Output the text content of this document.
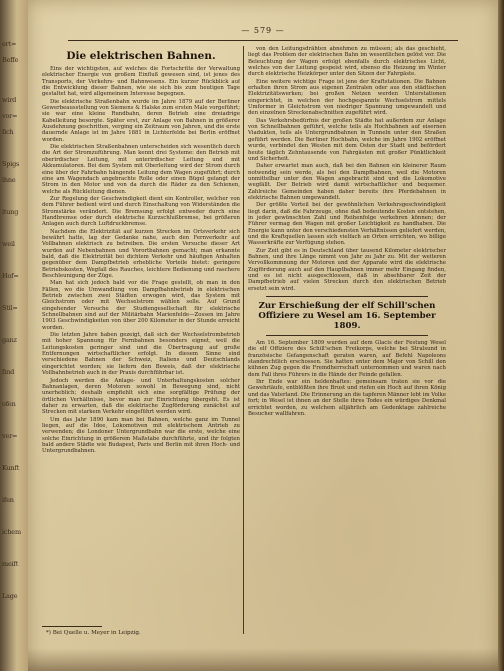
ert=
Beffe
wird
vor=
fich
Spigs
ihne
itung
weil
Hof=
Stil=
ganz
find
ofen
ver=
Kunft
ifen
ichem
meift
Lage
— 579 —
Die elektrischen Bahnen.

Eins der wichtigsten, auf welches die Fortschritte der Verwaltung elektrischer Energie von großem Einfluß gewesen sind, ist jenes des Transports, der Verkehrs- und Bahnwesens. Ein kurzer Rückblick auf die Entwicklung dieser Bahnen, wie sie sich bis zum heutigen Tage gestaltet hat, wird allgemeinem Interesse begegnen.

Die elektrische Straßenbahn wurde im Jahre 1879 auf der Berliner Gewerbeausstellung von Siemens & Halske zum ersten Male vorgeführt; sie war eine kleine Rundbahn, deren Betrieb eine dreiadrige Kabelleitung besorgte. Später erst, zur Anlage von Bahnen in größerer Ausdehnung geschritten, verging ein Zeitraum von Jahren, und die erste dauernde Anlage ist im Jahre 1881 in Lichterfelde bei Berlin eröffnet worden.

Die elektrischen Straßenbahnen unterscheiden sich wesentlich durch die Art der Stromzuführung. Man kennt drei Systeme: den Betrieb mit oberirdischer Leitung, mit unterirdischer Leitung und mit Akkumulatoren. Bei dem System mit Oberleitung wird der Strom durch eine über der Fahrbahn hängende Leitung dem Wagen zugeführt; durch eine am Wagendach angebrachte Rolle oder einen Bügel gelangt der Strom in den Motor und von da durch die Räder zu den Schienen, welche als Rückleitung dienen.

Zur Regelung der Geschwindigkeit dient ein Kontroller, welcher von dem Führer bedient wird und durch Einschaltung von Widerständen die Stromstärke verändert. Die Bremsung erfolgt entweder durch eine Handbremse oder durch elektrische Kurzschlußbremse, bei größeren Anlagen auch durch Luftdruckbremse.

Nachdem die Elektrizität auf kurzen Strecken im Ortsverkehr sich bewährt hatte, lag der Gedanke nahe, auch den Fernverkehr auf Vollbahnen elektrisch zu betreiben. Die ersten Versuche dieser Art wurden auf Nebenbahnen und Vorortbahnen gemacht; man erkannte bald, daß die Elektrizität bei dichtem Verkehr und häufigen Anhalten gegenüber dem Dampfbetrieb erhebliche Vorteile bietet: geringere Betriebskosten, Wegfall des Rauches, leichtere Bedienung und raschere Beschleunigung der Züge.

Man hat sich jedoch bald vor die Frage gestellt, ob man in den Fällen, wo die Umwandlung von Dampfbahnbetrieb in elektrischen Betrieb zwischen zwei Städten erwogen wird, das System mit Gleichstrom oder mit Wechselstrom wählen solle. Auf Grund eingehender Versuche der Studiengesellschaft für elektrische Schnellbahnen sind auf der Militärbahn Marienfelde—Zossen im Jahre 1903 Geschwindigkeiten von über 200 Kilometer in der Stunde erreicht worden.

Die letzten Jahre haben gezeigt, daß sich der Wechselstrombetrieb mit hoher Spannung für Fernbahnen besonders eignet, weil die Leitungskosten geringer sind und die Übertragung auf große Entfernungen wirtschaftlicher erfolgt. In diesem Sinne sind verschiedene Bahnen der Schweiz, Italiens und Deutschlands eingerichtet worden; sie liefern den Beweis, daß der elektrische Vollbahnbetrieb auch in der Praxis durchführbar ist.

Jedoch werden die Anlage- und Unterhaltungskosten solcher Bahnanlagen, deren Motoren sowohl in Bewegung sind, nicht unerheblich; deshalb empfiehlt sich eine sorgfältige Prüfung der örtlichen Verhältnisse, bevor man zur Einrichtung übergeht. Es ist daher zu erwarten, daß die elektrische Zugförderung zunächst auf Strecken mit starkem Verkehr eingeführt werden wird.

Um das Jahr 1890 kam man bei Bahnen, welche ganz im Tunnel liegen, auf die Idee, Lokomotiven mit elektrischem Antrieb zu verwenden; die Londoner Untergrundbahn war die erste, welche eine solche Einrichtung in größerem Maßstabe durchführte, und ihr folgten bald andere Städte wie Budapest, Paris und Berlin mit ihren Hoch- und Untergrundbahnen.

von den Leitungsdrähten abnehmen zu müssen; als das geschieht, liegt das Problem der elektrischen Bahn im wesentlichen gelöst vor. Die Beleuchtung der Wagen erfolgt ebenfalls durch elektrisches Licht, welches von der Leitung gespeist wird, ebenso die Heizung im Winter durch elektrische Heizkörper unter den Sitzen der Fahrgäste.

Eine weitere wichtige Frage ist jene der Kraftstationen. Die Bahnen erhalten ihren Strom aus eigenen Zentralen oder aus den städtischen Elektrizitätswerken; bei großen Netzen werden Unterstationen eingerichtet, in welchen der hochgespannte Wechselstrom mittels Umformer in Gleichstrom von niedriger Spannung umgewandelt und den einzelnen Streckenabschnitten zugeführt wird.

Das Verkehrsbedürfnis der großen Städte hat außerdem zur Anlage von Schnellbahnen geführt, welche teils als Hochbahnen auf eisernen Viadukten, teils als Untergrundbahnen in Tunneln unter den Straßen geführt werden. Die Berliner Hochbahn, welche im Jahre 1902 eröffnet wurde, verbindet den Westen mit dem Osten der Stadt und befördert heute täglich Zehntausende von Fahrgästen mit großer Pünktlichkeit und Sicherheit.

Daher erwartet man auch, daß bei den Bahnen ein kleinerer Raum notwendig sein werde, als bei den Dampfbahnen, weil die Motoren unmittelbar unter den Wagen angebracht sind und die Lokomotive wegfällt. Der Betrieb wird damit wirtschaftlicher und bequemer. Zahlreiche Gemeinden haben daher bereits ihre Pferdebahnen in elektrische Bahnen umgewandelt.

Der größte Vorteil bei der gewöhnlichen Verkehrsgeschwindigkeit liegt darin, daß die Fahrzeuge, ohne daß bedeutende Kosten entstehen, in jeder gewünschten Zahl und Reihenfolge verkehren können; der Führer vermag den Wagen mit großer Leichtigkeit zu handhaben. Die Energie kann unter den verschiedensten Verhältnissen geliefert werden, und die Kraftquellen lassen sich vielfach an Orten errichten, wo billige Wasserkräfte zur Verfügung stehen.

Zur Zeit gibt es in Deutschland über tausend Kilometer elektrischer Bahnen, und ihre Länge nimmt von Jahr zu Jahr zu. Mit der weiteren Vervollkommnung der Motoren und der Apparate wird die elektrische Zugförderung auch auf den Hauptbahnen immer mehr Eingang finden, und es ist nicht ausgeschlossen, daß in absehbarer Zeit der Dampfbetrieb auf vielen Strecken durch den elektrischen Betrieb ersetzt sein wird.

Zur Erschießung der elf Schill'schen Offiziere zu Wesel am 16. September 1809.

Am 16. September 1809 wurden auf dem Glacis der Festung Wesel die elf Offiziere des Schill'schen Freikorps, welche bei Stralsund in französische Gefangenschaft geraten waren, auf Befehl Napoleons standrechtlich erschossen. Sie hatten unter dem Major von Schill den kühnen Zug gegen die Fremdherrschaft unternommen und waren nach dem Fall ihres Führers in die Hände der Feinde gefallen.

Ihr Ende war ein heldenhaftes: gemeinsam traten sie vor die Gewehrläufe, entblößten ihre Brust und riefen ein Hoch auf ihren König und das Vaterland. Die Erinnerung an die tapferen Männer lebt im Volke fort; in Wesel ist ihnen an der Stelle ihres Todes ein würdiges Denkmal errichtet worden, zu welchem alljährlich am Gedenktage zahlreiche Besucher wallfahren.

*) Bei Quelle u. Meyer in Leipzig.
